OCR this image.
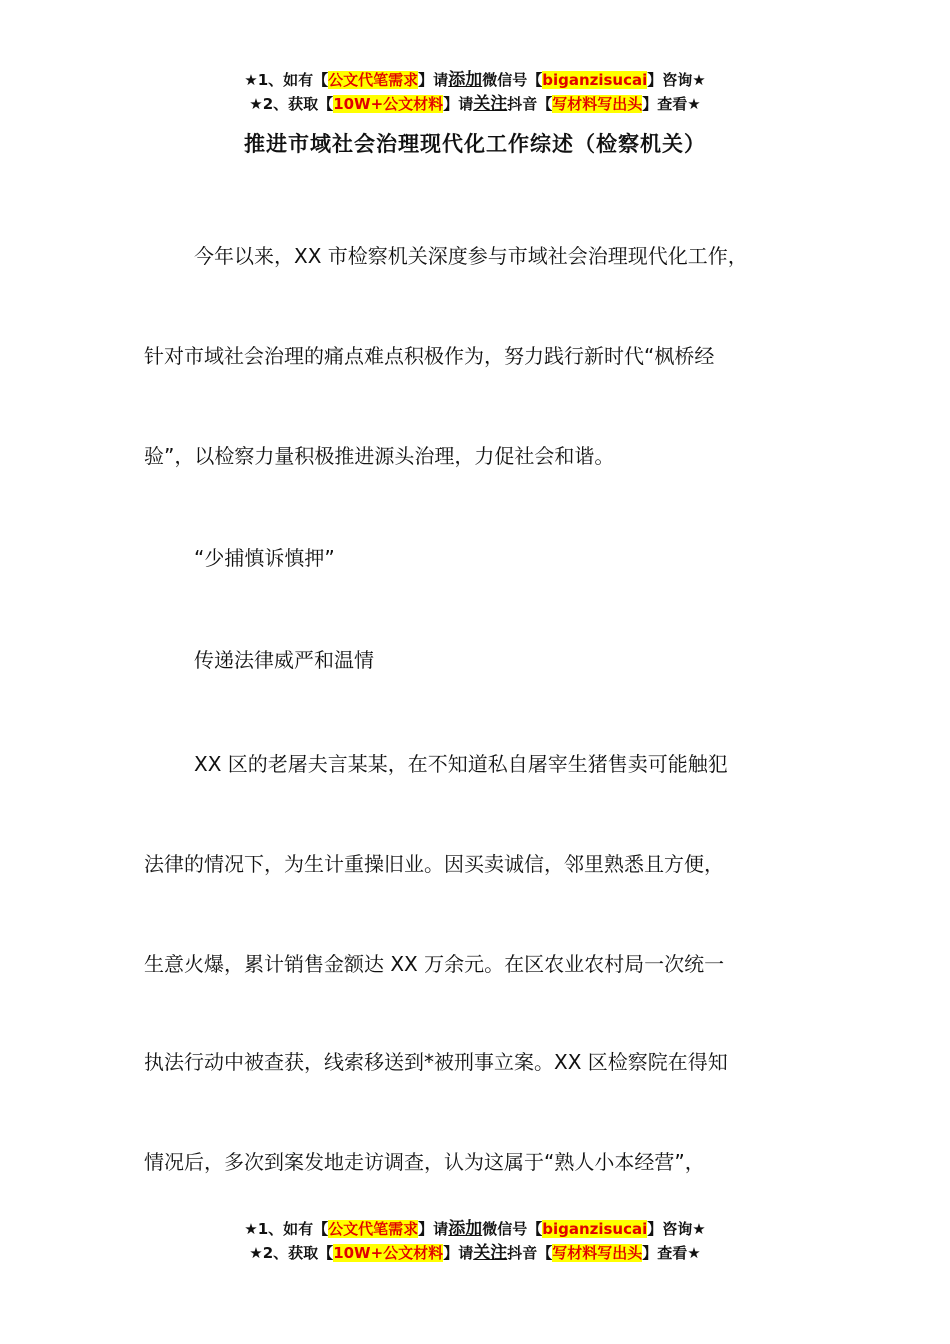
★1、如有【公文代笔需求】请添加微信号【biganzisucai】咨询★
★2、获取【10W+公文材料】请关注抖音【写材料写出头】查看★
推进市域社会治理现代化工作综述（检察机关）
今年以来，XX 市检察机关深度参与市域社会治理现代化工作，
针对市域社会治理的痛点难点积极作为，努力践行新时代“枫桥经
验”，以检察力量积极推进源头治理，力促社会和谐。
“少捕慎诉慎押”
传递法律威严和温情
XX 区的老屠夫言某某，在不知道私自屠宰生猪售卖可能触犯
法律的情况下，为生计重操旧业。因买卖诚信，邻里熟悉且方便，
生意火爆，累计销售金额达 XX 万余元。在区农业农村局一次统一
执法行动中被查获，线索移送到*被刑事立案。XX 区检察院在得知
情况后，多次到案发地走访调查，认为这属于“熟人小本经营”，
★1、如有【公文代笔需求】请添加微信号【biganzisucai】咨询★
★2、获取【10W+公文材料】请关注抖音【写材料写出头】查看★
